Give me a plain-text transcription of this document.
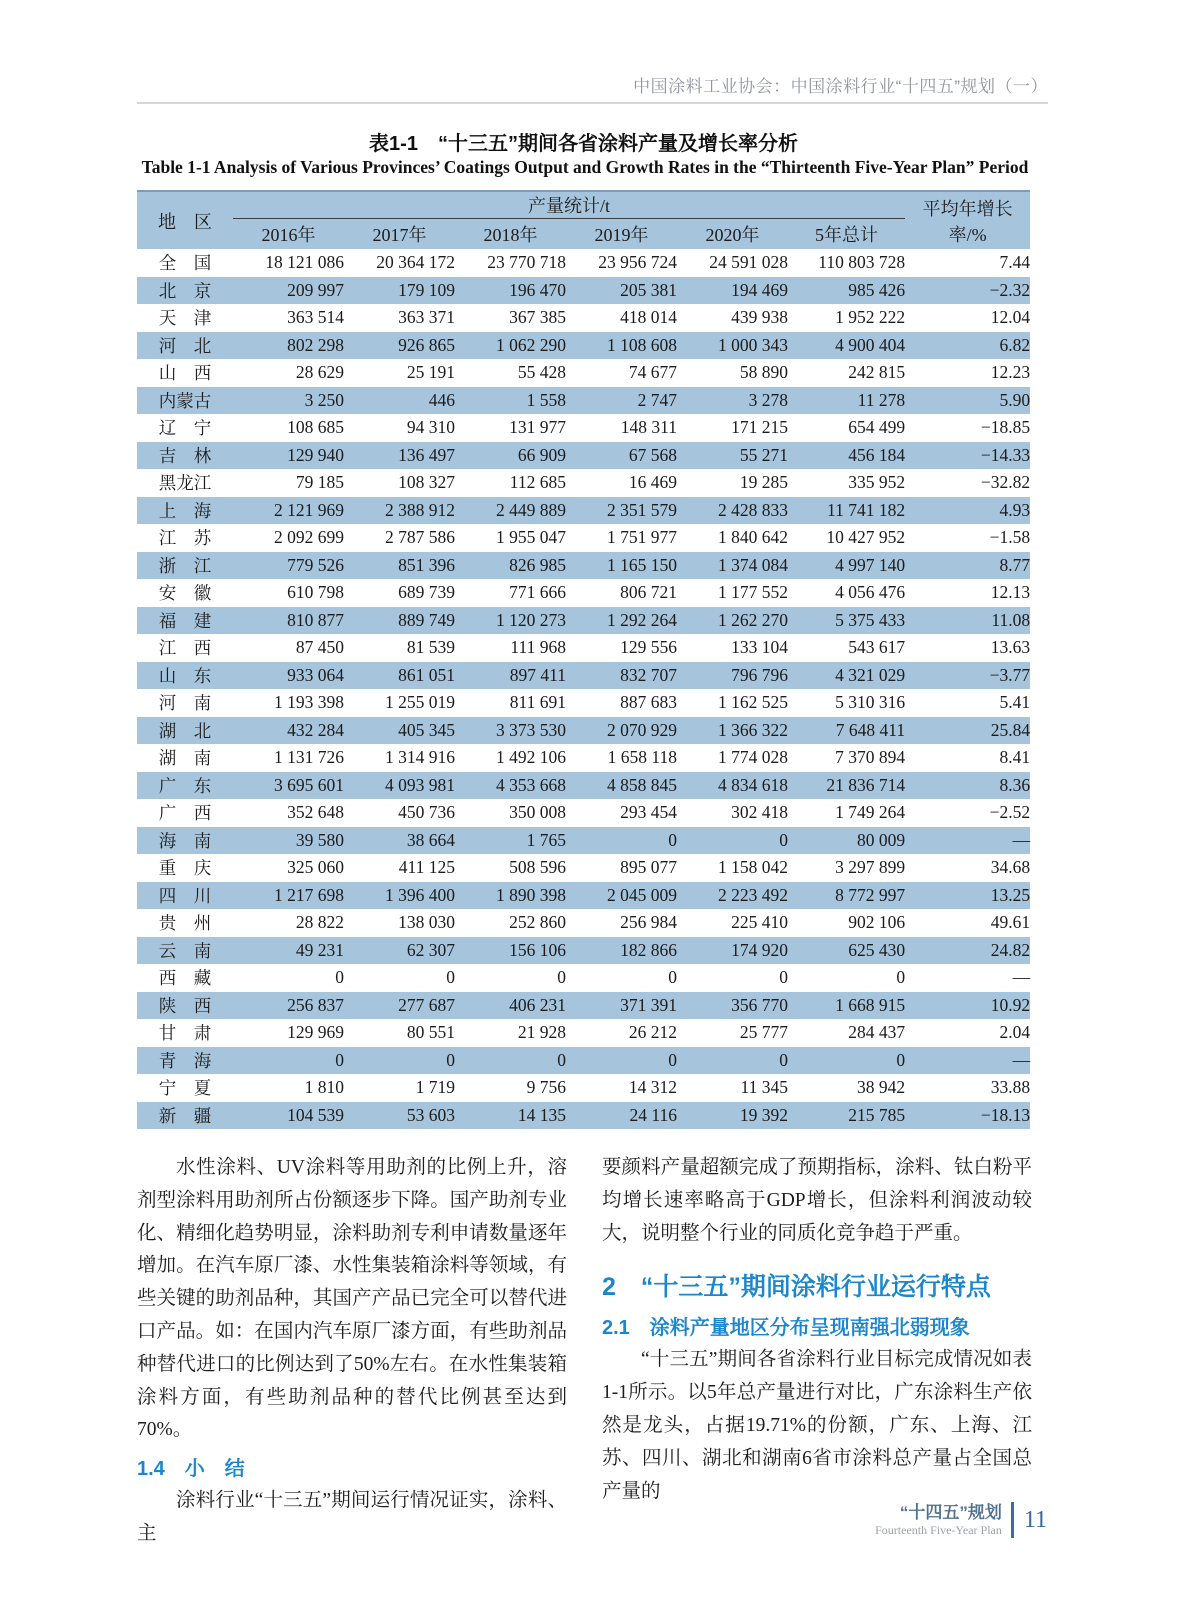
中国涂料工业协会：中国涂料行业“十四五”规划（一）
表1-1　“十三五”期间各省涂料产量及增长率分析
Table 1-1 Analysis of Various Provinces’ Coatings Output and Growth Rates in the “Thirteenth Five-Year Plan” Period
地　区	产量统计/t						平均年增长率/%
	2016年	2017年	2018年	2019年	2020年	5年总计	
全　国	18 121 086	20 364 172	23 770 718	23 956 724	24 591 028	110 803 728	7.44
北　京	209 997	179 109	196 470	205 381	194 469	985 426	−2.32
天　津	363 514	363 371	367 385	418 014	439 938	1 952 222	12.04
河　北	802 298	926 865	1 062 290	1 108 608	1 000 343	4 900 404	6.82
山　西	28 629	25 191	55 428	74 677	58 890	242 815	12.23
内蒙古	3 250	446	1 558	2 747	3 278	11 278	5.90
辽　宁	108 685	94 310	131 977	148 311	171 215	654 499	−18.85
吉　林	129 940	136 497	66 909	67 568	55 271	456 184	−14.33
黑龙江	79 185	108 327	112 685	16 469	19 285	335 952	−32.82
上　海	2 121 969	2 388 912	2 449 889	2 351 579	2 428 833	11 741 182	4.93
江　苏	2 092 699	2 787 586	1 955 047	1 751 977	1 840 642	10 427 952	−1.58
浙　江	779 526	851 396	826 985	1 165 150	1 374 084	4 997 140	8.77
安　徽	610 798	689 739	771 666	806 721	1 177 552	4 056 476	12.13
福　建	810 877	889 749	1 120 273	1 292 264	1 262 270	5 375 433	11.08
江　西	87 450	81 539	111 968	129 556	133 104	543 617	13.63
山　东	933 064	861 051	897 411	832 707	796 796	4 321 029	−3.77
河　南	1 193 398	1 255 019	811 691	887 683	1 162 525	5 310 316	5.41
湖　北	432 284	405 345	3 373 530	2 070 929	1 366 322	7 648 411	25.84
湖　南	1 131 726	1 314 916	1 492 106	1 658 118	1 774 028	7 370 894	8.41
广　东	3 695 601	4 093 981	4 353 668	4 858 845	4 834 618	21 836 714	8.36
广　西	352 648	450 736	350 008	293 454	302 418	1 749 264	−2.52
海　南	39 580	38 664	1 765	0	0	80 009	—
重　庆	325 060	411 125	508 596	895 077	1 158 042	3 297 899	34.68
四　川	1 217 698	1 396 400	1 890 398	2 045 009	2 223 492	8 772 997	13.25
贵　州	28 822	138 030	252 860	256 984	225 410	902 106	49.61
云　南	49 231	62 307	156 106	182 866	174 920	625 430	24.82
西　藏	0	0	0	0	0	0	—
陕　西	256 837	277 687	406 231	371 391	356 770	1 668 915	10.92
甘　肃	129 969	80 551	21 928	26 212	25 777	284 437	2.04
青　海	0	0	0	0	0	0	—
宁　夏	1 810	1 719	9 756	14 312	11 345	38 942	33.88
新　疆	104 539	53 603	14 135	24 116	19 392	215 785	−18.13

水性涂料、UV涂料等用助剂的比例上升，溶剂型涂料用助剂所占份额逐步下降。国产助剂专业化、精细化趋势明显，涂料助剂专利申请数量逐年增加。在汽车原厂漆、水性集装箱涂料等领域，有些关键的助剂品种，其国产产品已完全可以替代进口产品。如：在国内汽车原厂漆方面，有些助剂品种替代进口的比例达到了50%左右。在水性集装箱涂料方面，有些助剂品种的替代比例甚至达到70%。

1.4　小　结

涂料行业“十三五”期间运行情况证实，涂料、主

要颜料产量超额完成了预期指标，涂料、钛白粉平均增长速率略高于GDP增长，但涂料利润波动较大，说明整个行业的同质化竞争趋于严重。

2　“十三五”期间涂料行业运行特点
2.1　涂料产量地区分布呈现南强北弱现象

“十三五”期间各省涂料行业目标完成情况如表1-1所示。以5年总产量进行对比，广东涂料生产依然是龙头，占据19.71%的份额，广东、上海、江苏、四川、湖北和湖南6省市涂料总产量占全国总产量的

“十四五”规划
Fourteenth Five-Year Plan 11
